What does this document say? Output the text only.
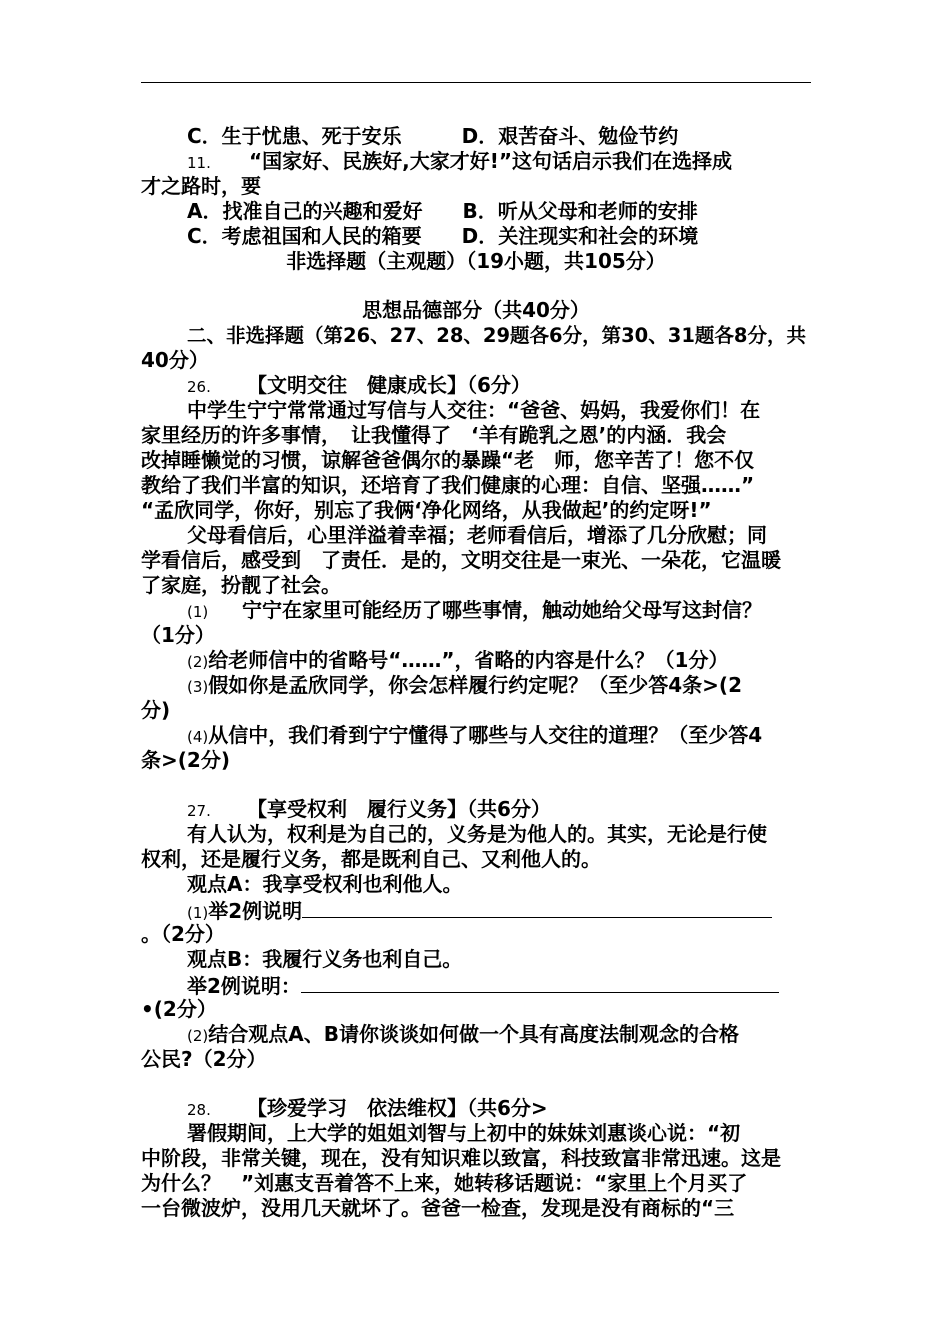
C．生于忧患、死于安乐　　　D．艰苦奋斗、勉俭节约
11. “国家好、民族好,大家才好!”这句话启示我们在选择成
才之路时，要
A．找准自己的兴趣和爱好　　B．听从父母和老师的安排
C．考虑祖国和人民的箱要　　D．关注现实和社会的环境
非选择题（主观题）（19小题，共105分）
思想品德部分（共40分）
二、非选择题（第26、27、28、29题各6分，第30、31题各8分，共
40分）
26. 【文明交往　健康成长】（6分）
中学生宁宁常常通过写信与人交往：“爸爸、妈妈，我爱你们！在
家里经历的许多事情，　让我懂得了　‘羊有跪乳之恩’的内涵．我会
改掉睡懒觉的习惯，谅解爸爸偶尔的暴躁“老　师，您辛苦了！您不仅
教给了我们半富的知识，还培育了我们健康的心理：自信、坚强……”
“孟欣同学，你好，别忘了我俩‘净化网络，从我做起’的约定呀!”
父母看信后，心里洋溢着幸福；老师看信后，增添了几分欣慰；同
学看信后，感受到　了责任．是的，文明交往是一束光、一朵花，它温暖
了家庭，扮靓了社会。
(1) 宁宁在家里可能经历了哪些事情，触动她给父母写这封信？
（1分）
(2)给老师信中的省略号“……”，省略的内容是什么？（1分）
(3)假如你是孟欣同学，你会怎样履行约定呢？（至少答4条>(2
分)
(4)从信中，我们肴到宁宁懂得了哪些与人交往的道理？（至少答4
条>(2分)
27. 【享受权利　履行义务】（共6分）
有人认为，权利是为自己的，义务是为他人的。其实，无论是行使
权利，还是履行义务，都是既利自己、又利他人的。
观点A：我享受权利也利他人。
(1)举2例说明
。（2分）
观点B：我履行义务也利自己。
举2例说明：
•(2分）
(2)结合观点A、B请你谈谈如何做一个具有高度法制观念的合格
公民?（2分）
28. 【珍爱学习　依法维权】（共6分>
署假期间，上大学的姐姐刘智与上初中的妹妹刘惠谈心说：“初
中阶段，非常关键，现在，没有知识难以致富，科技致富非常迅速。这是
为什么？　”刘惠支吾着答不上来，她转移话题说：“家里上个月买了
一台微波炉，没用几天就坏了。爸爸一检查，发现是没有商标的“三
